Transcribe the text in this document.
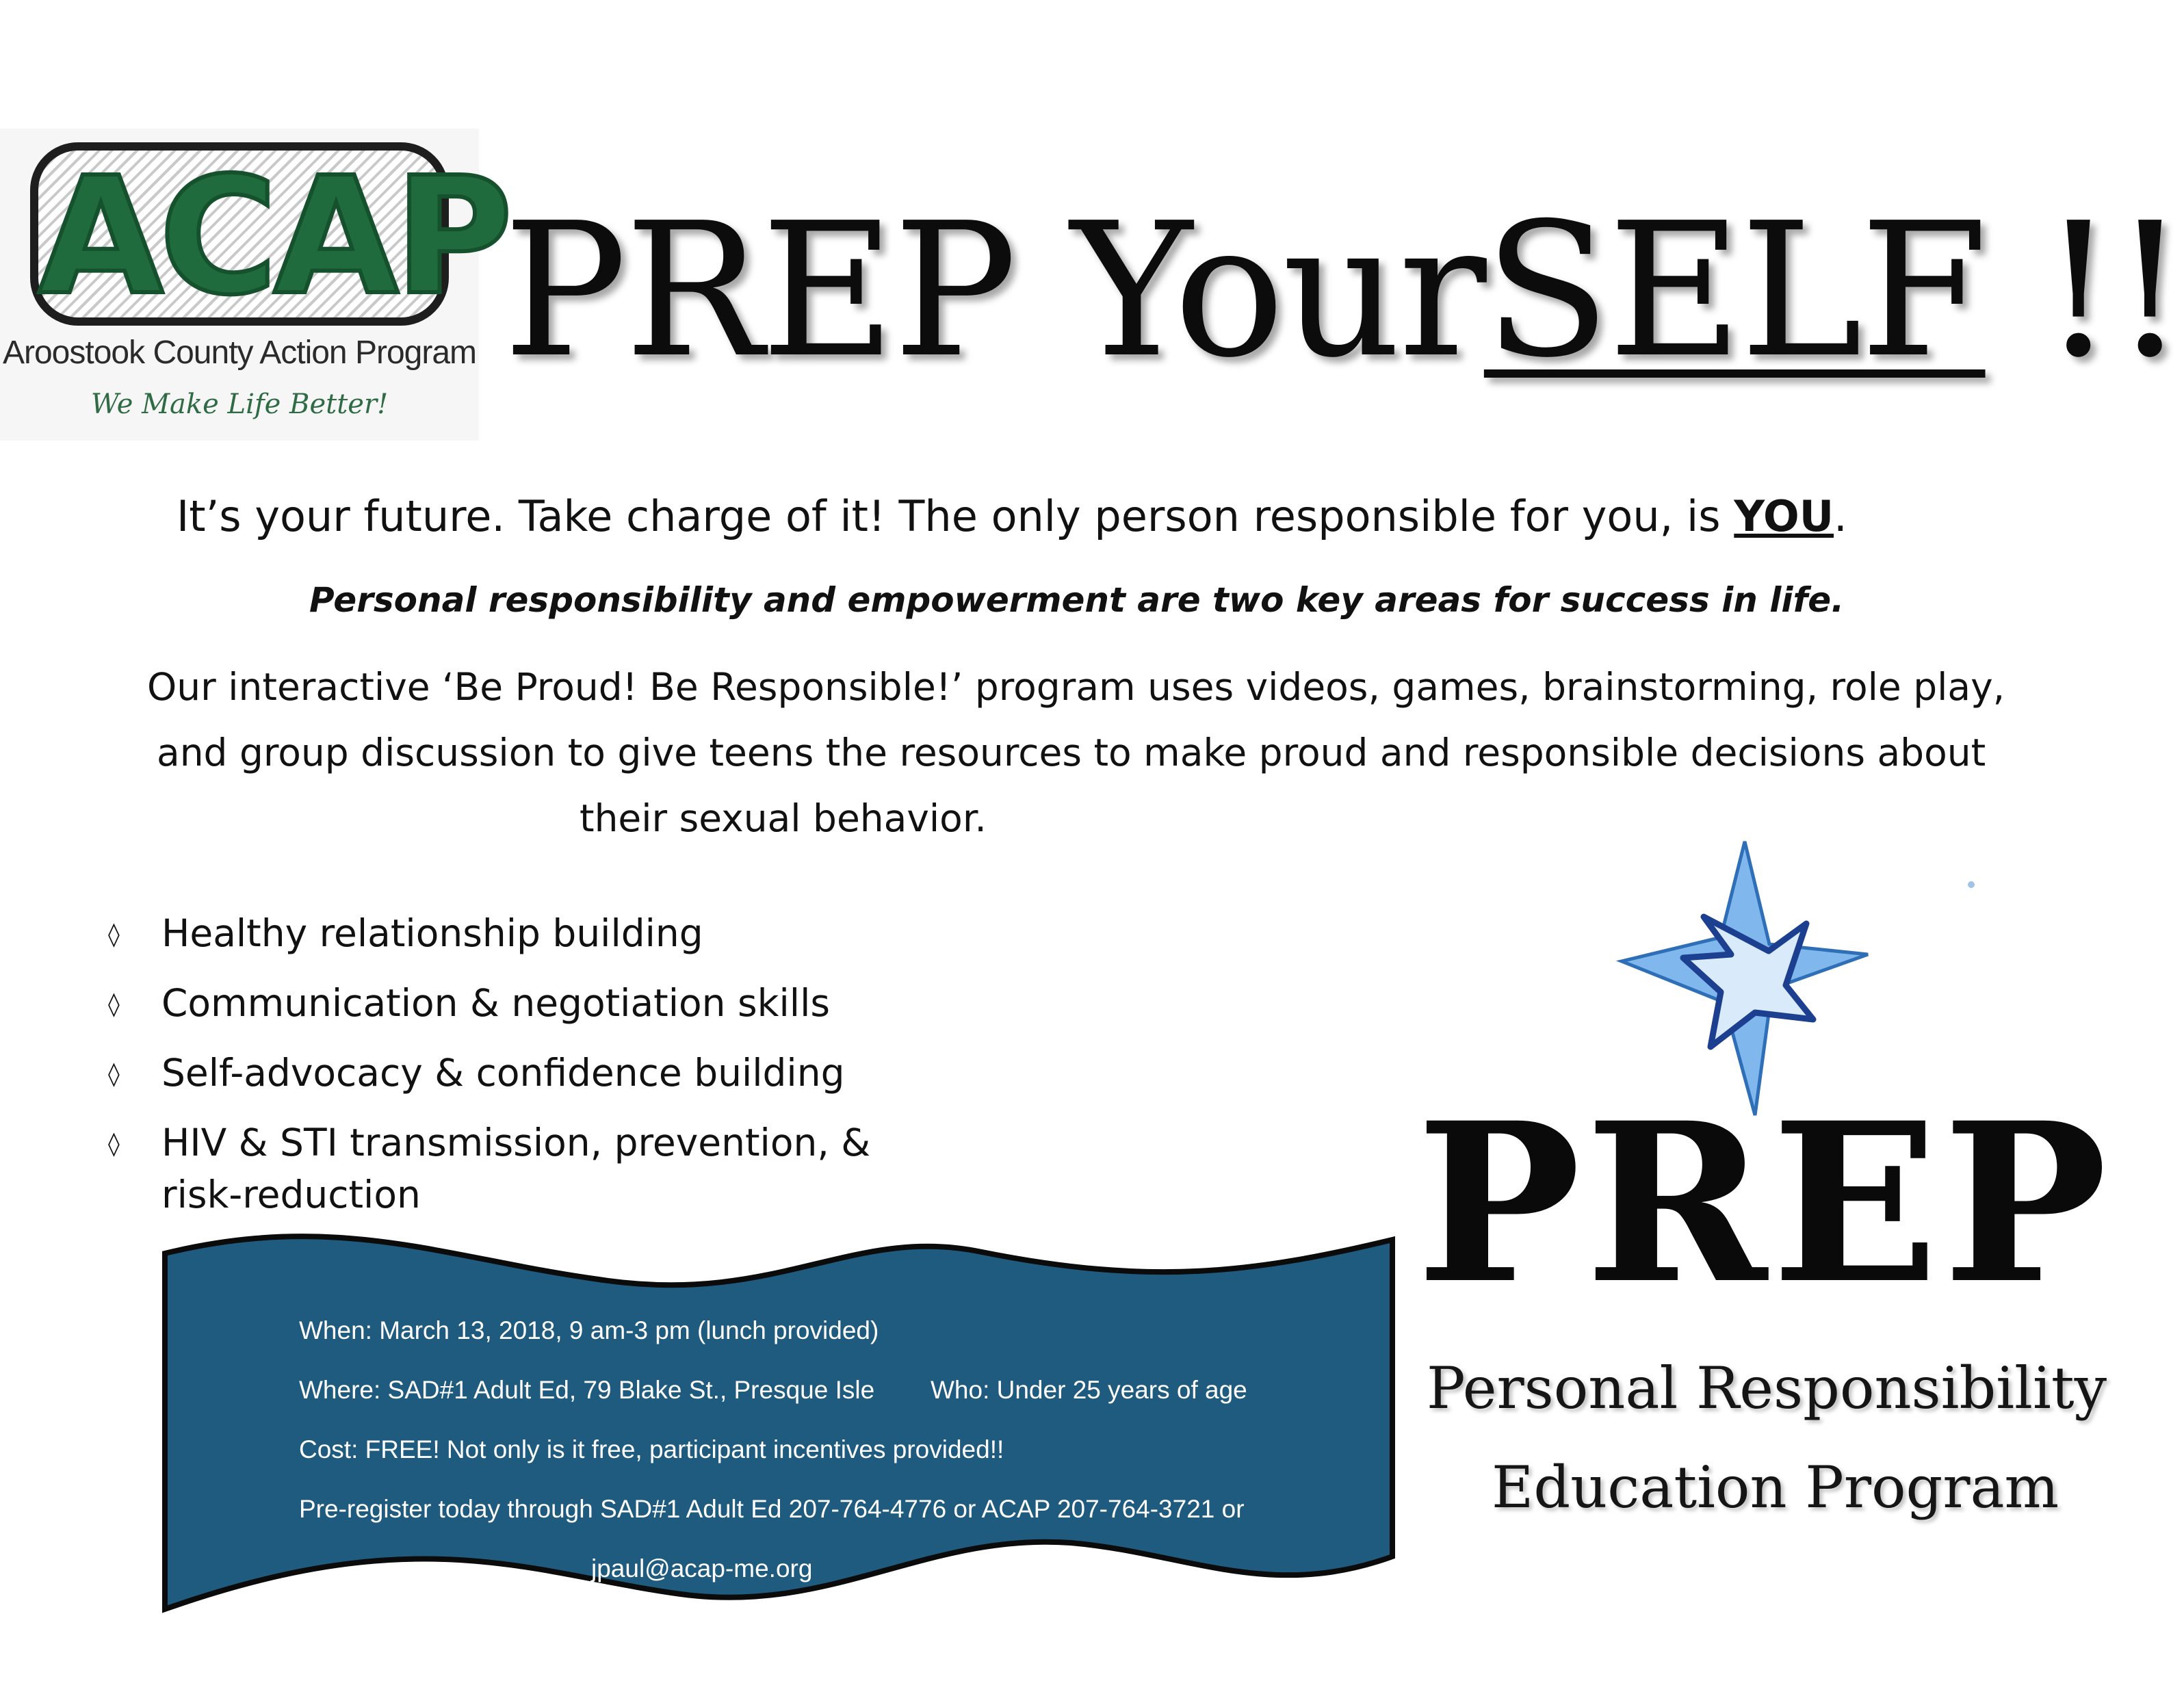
ACAP
Aroostook County Action Program
We Make Life Better!
PREP YourSELF !!
It’s your future. Take charge of it! The only person responsible for you, is YOU.
Personal responsibility and empowerment are two key areas for success in life.
Our interactive ‘Be Proud! Be Responsible!’ program uses videos, games, brainstorming, role play,
and group discussion to give teens the resources to make proud and responsible decisions about
their sexual behavior.
◊ Healthy relationship building
◊ Communication & negotiation skills
◊ Self-advocacy & confidence building
◊ HIV & STI transmission, prevention, &
risk-reduction
When: March 13, 2018, 9 am-3 pm (lunch provided)
Where: SAD#1 Adult Ed, 79 Blake St., Presque Isle Who: Under 25 years of age
Cost: FREE! Not only is it free, participant incentives provided!!
Pre-register today through SAD#1 Adult Ed 207-764-4776 or ACAP 207-764-3721 or
jpaul@acap-me.org
P R E P
Personal Responsibility
Education Program
